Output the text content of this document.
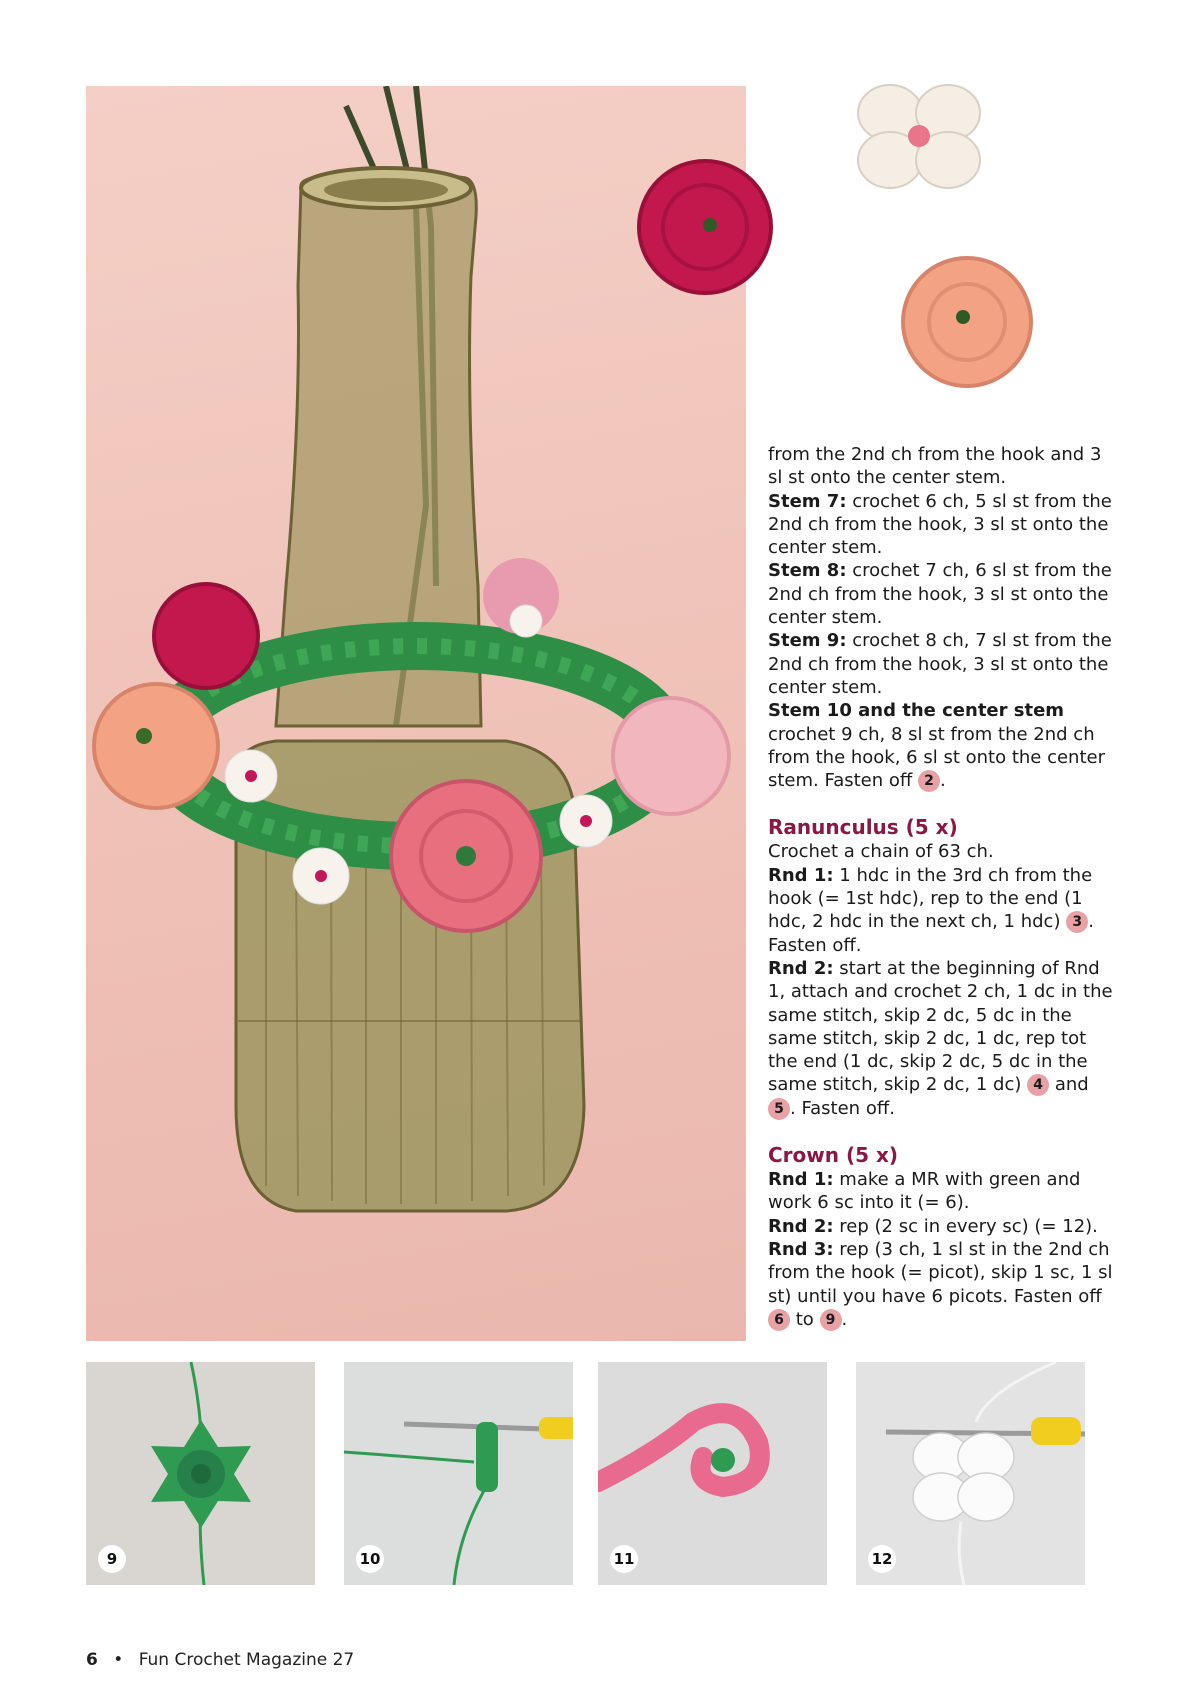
from the 2nd ch from the hook and 3 sl st onto the center stem.

Stem 7: crochet 6 ch, 5 sl st from the 2nd ch from the hook, 3 sl st onto the center stem.

Stem 8: crochet 7 ch, 6 sl st from the 2nd ch from the hook, 3 sl st onto the center stem.

Stem 9: crochet 8 ch, 7 sl st from the 2nd ch from the hook, 3 sl st onto the center stem.

Stem 10 and the center stem

crochet 9 ch, 8 sl st from the 2nd ch from the hook, 6 sl st onto the center stem. Fasten off 2 .

Ranunculus (5 x)

Crochet a chain of 63 ch.

Rnd 1: 1 hdc in the 3rd ch from the hook (= 1st hdc), rep to the end (1 hdc, 2 hdc in the next ch, 1 hdc) 3 . Fasten off.

Rnd 2: start at the beginning of Rnd 1, attach and crochet 2 ch, 1 dc in the same stitch, skip 2 dc, 5 dc in the same stitch, skip 2 dc, 1 dc, rep tot the end (1 dc, skip 2 dc, 5 dc in the same stitch, skip 2 dc, 1 dc) 4 and 5 . Fasten off.

Crown (5 x)

Rnd 1: make a MR with green and work 6 sc into it (= 6).

Rnd 2: rep (2 sc in every sc) (= 12).

Rnd 3: rep (3 ch, 1 sl st in the 2nd ch from the hook (= picot), skip 1 sc, 1 sl st) until you have 6 picots. Fasten off 6 to 9 .

9	10	11	12
6 • Fun Crochet Magazine 27
